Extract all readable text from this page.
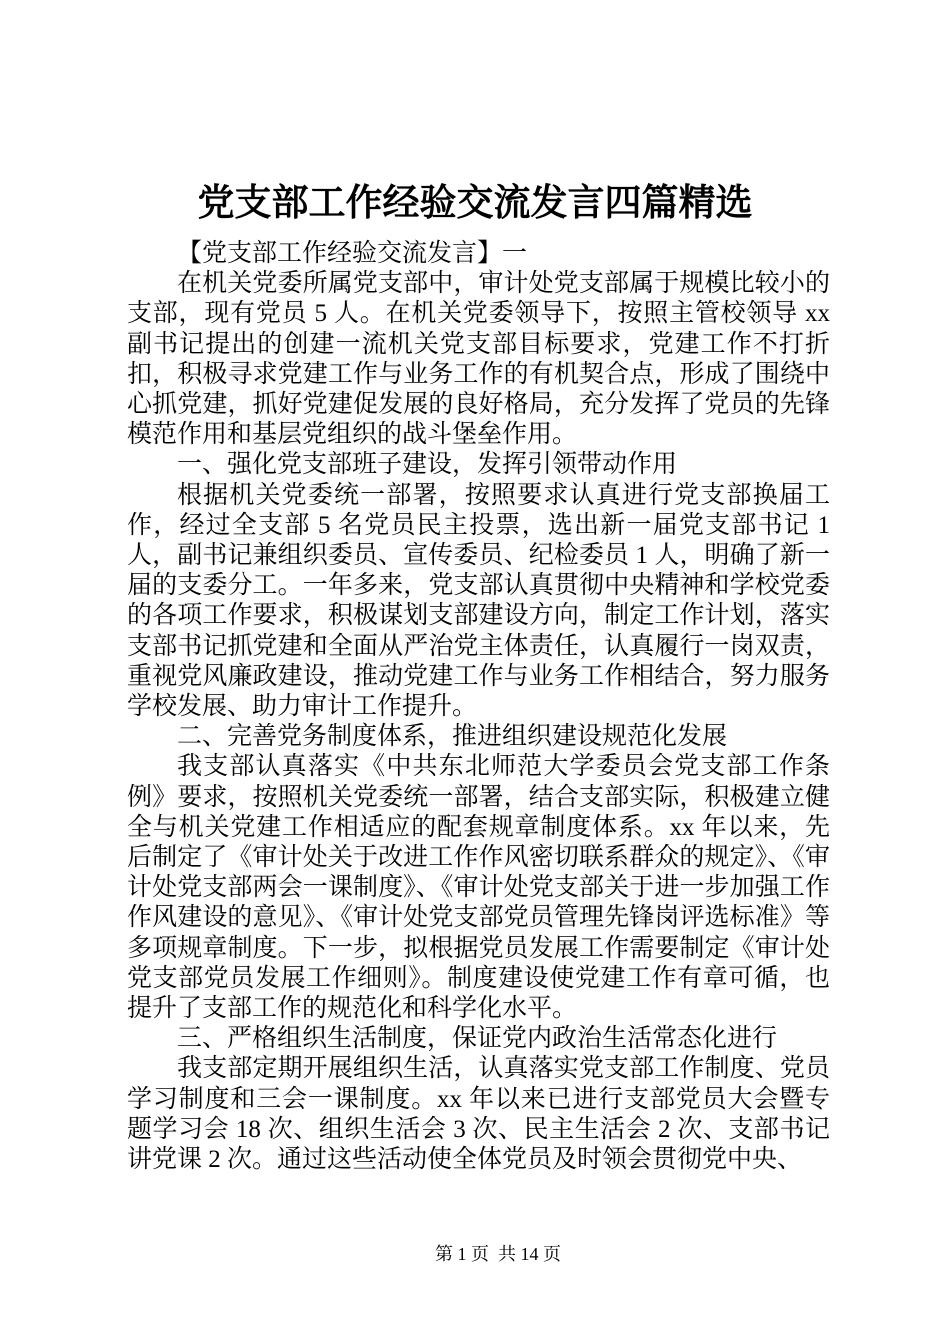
党支部工作经验交流发言四篇精选

【党支部工作经验交流发言】一

在机关党委所属党支部中，审计处党支部属于规模比较小的支部，现有党员 5 人。在机关党委领导下，按照主管校领导 xx 副书记提出的创建一流机关党支部目标要求，党建工作不打折扣，积极寻求党建工作与业务工作的有机契合点，形成了围绕中心抓党建，抓好党建促发展的良好格局，充分发挥了党员的先锋模范作用和基层党组织的战斗堡垒作用。

一、强化党支部班子建设，发挥引领带动作用

根据机关党委统一部署，按照要求认真进行党支部换届工作，经过全支部 5 名党员民主投票，选出新一届党支部书记 1 人，副书记兼组织委员、宣传委员、纪检委员 1 人，明确了新一届的支委分工。一年多来，党支部认真贯彻中央精神和学校党委的各项工作要求，积极谋划支部建设方向，制定工作计划，落实支部书记抓党建和全面从严治党主体责任，认真履行一岗双责，重视党风廉政建设，推动党建工作与业务工作相结合，努力服务学校发展、助力审计工作提升。

二、完善党务制度体系，推进组织建设规范化发展

我支部认真落实《中共东北师范大学委员会党支部工作条例》要求，按照机关党委统一部署，结合支部实际，积极建立健全与机关党建工作相适应的配套规章制度体系。xx 年以来，先后制定了《审计处关于改进工作作风密切联系群众的规定》、《审计处党支部两会一课制度》、《审计处党支部关于进一步加强工作作风建设的意见》、《审计处党支部党员管理先锋岗评选标准》等多项规章制度。下一步，拟根据党员发展工作需要制定《审计处党支部党员发展工作细则》。制度建设使党建工作有章可循，也提升了支部工作的规范化和科学化水平。

三、严格组织生活制度，保证党内政治生活常态化进行

我支部定期开展组织生活，认真落实党支部工作制度、党员学习制度和三会一课制度。xx 年以来已进行支部党员大会暨专题学习会 18 次、组织生活会 3 次、民主生活会 2 次、支部书记讲党课 2 次。通过这些活动使全体党员及时领会贯彻党中央、

第 1 页  共 14 页
